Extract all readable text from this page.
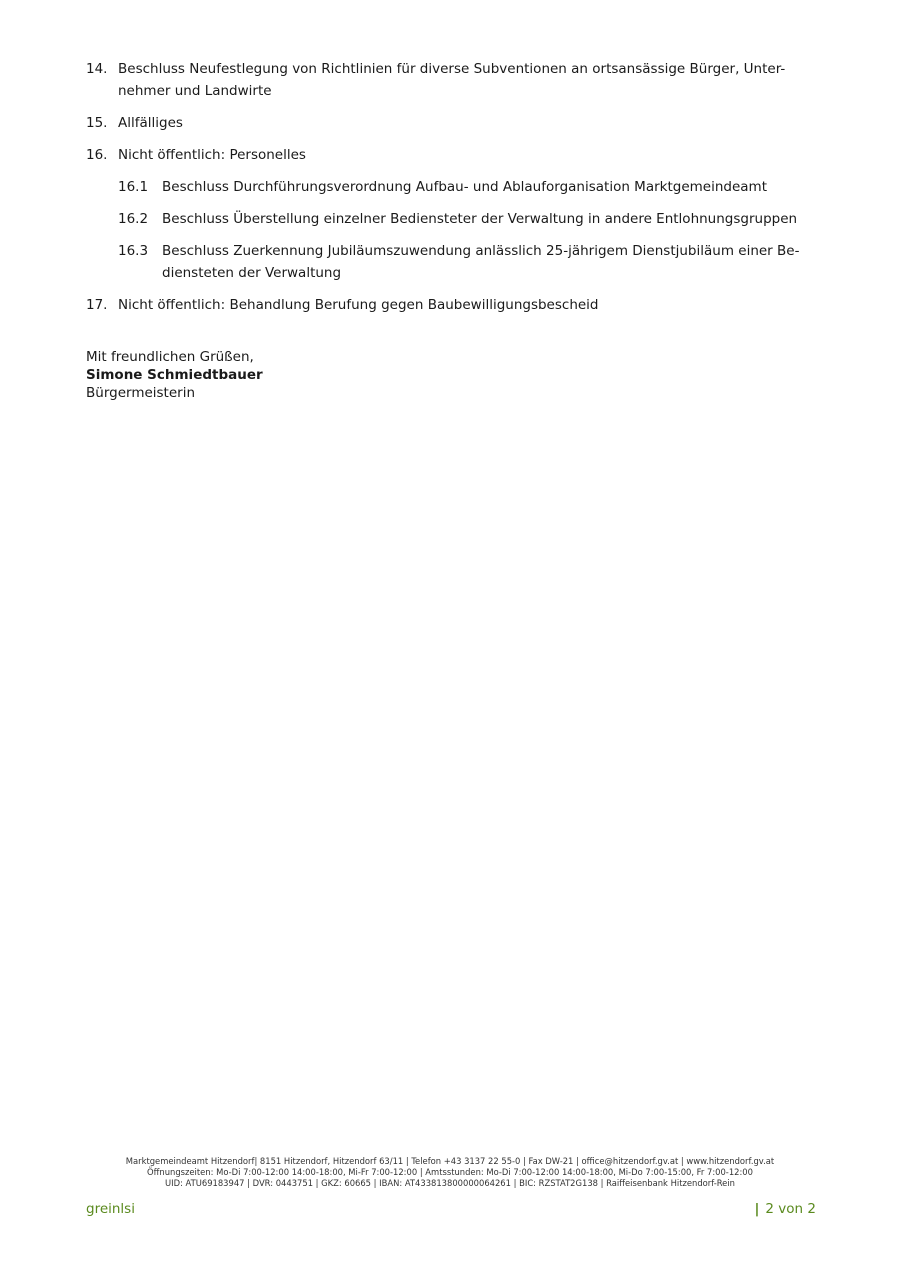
14. Beschluss Neufestlegung von Richtlinien für diverse Subventionen an ortsansässige Bürger, Unter-nehmer und Landwirte
15. Allfälliges
16. Nicht öffentlich: Personelles
16.1	Beschluss Durchführungsverordnung Aufbau- und Ablauforganisation Marktgemeindeamt
16.2	Beschluss Überstellung einzelner Bediensteter der Verwaltung in andere Entlohnungsgruppen
16.3	Beschluss Zuerkennung Jubiläumszuwendung anlässlich 25-jährigem Dienstjubiläum einer Be-diensteten der Verwaltung
17. Nicht öffentlich: Behandlung Berufung gegen Baubewilligungsbescheid
Mit freundlichen Grüßen,
Simone Schmiedtbauer
Bürgermeisterin
Marktgemeindeamt Hitzendorf| 8151 Hitzendorf, Hitzendorf 63/11 | Telefon +43 3137 22 55-0 | Fax DW-21 | office@hitzendorf.gv.at | www.hitzendorf.gv.at
Öffnungszeiten: Mo-Di 7:00-12:00 14:00-18:00, Mi-Fr 7:00-12:00 | Amtsstunden: Mo-Di 7:00-12:00 14:00-18:00, Mi-Do 7:00-15:00, Fr 7:00-12:00
UID: ATU69183947 | DVR: 0443751 | GKZ: 60665 | IBAN: AT433813800000064261 | BIC: RZSTAT2G138 | Raiffeisenbank Hitzendorf-Rein
greinlsi	| 2 von 2
